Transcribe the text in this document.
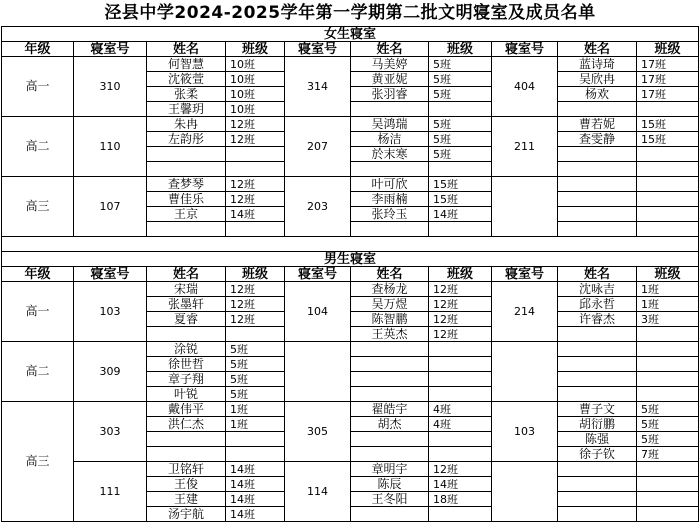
泾县中学2024-2025学年第一学期第二批文明寝室及成员名单
女生寝室									
年级	寝室号	姓名	班级	寝室号	姓名	班级	寝室号	姓名	班级
高一	310	何智慧	10班	314	马美婷	5班	404	蓝诗琦	17班
		沈筱萱	10班		黄亚妮	5班		吴欣冉	17班
		张柔	10班		张羽睿	5班		杨欢	17班
		王馨玥	10班						
高二	110	朱冉	12班	207	吴鸿瑞	5班	211	曹若妮	15班
		左韵彤	12班		杨洁	5班		查雯静	15班
					於末寒	5班			

高三	107	查梦琴	12班	203	叶可欣	15班			
		曹佳乐	12班		李雨楠	15班			
		王京	14班		张玲玉	14班			

男生寝室									
年级	寝室号	姓名	班级	寝室号	姓名	班级	寝室号	姓名	班级
高一	103	宋瑞	12班	104	查杨龙	12班	214	沈咏吉	1班
		张墨轩	12班		吴万煜	12班		邱永哲	1班
		夏睿	12班		陈智鹏	12班		许睿杰	3班
					王英杰	12班			
高二	309	涂锐	5班						
		徐世哲	5班						
		章子翔	5班						
		叶锐	5班						
高三	303	戴伟平	1班	305	翟皓宇	4班	103	曹子文	5班
		洪仁杰	1班		胡杰	4班		胡衍鹏	5班
								陈强	5班
								徐子钦	7班
	111	卫铭轩	14班	114	章明宇	12班			
		王俊	14班		陈辰	14班			
		王建	14班		王冬阳	18班			
		汤宇航	14班						
